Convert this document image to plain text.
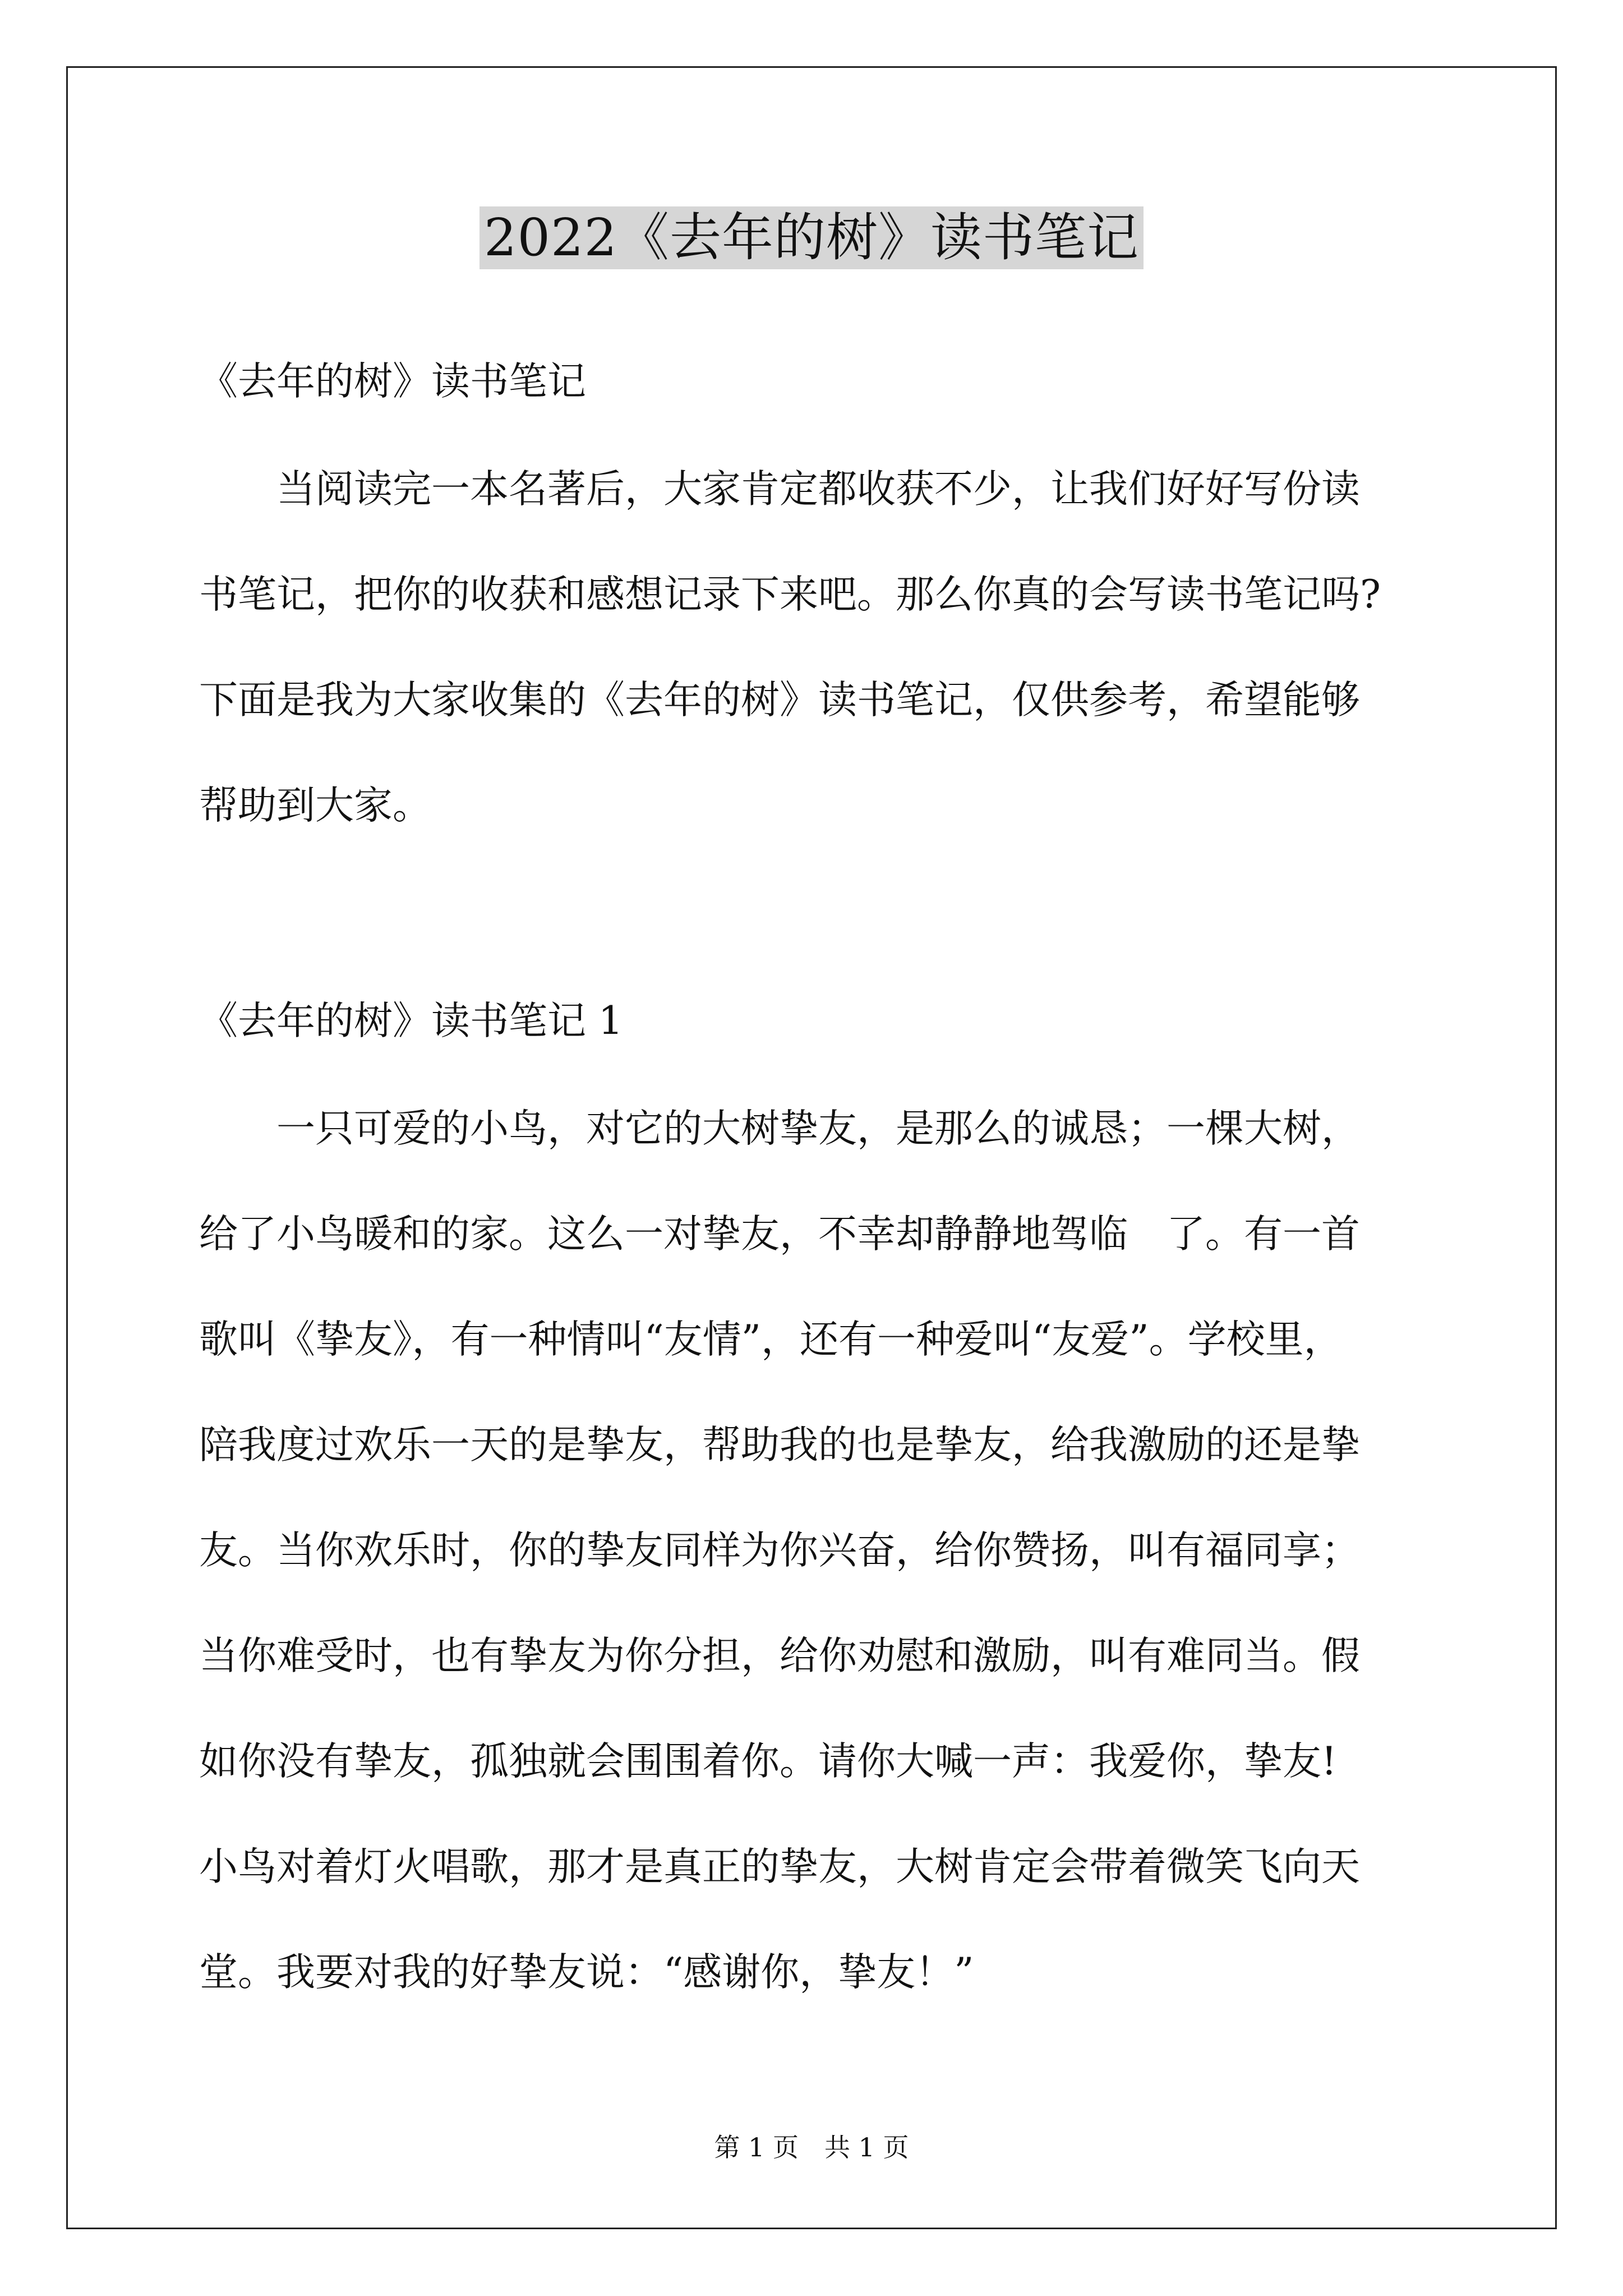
2022《去年的树》读书笔记
《去年的树》读书笔记
　　当阅读完一本名著后，大家肯定都收获不少，让我们好好写份读
书笔记，把你的收获和感想记录下来吧。那么你真的会写读书笔记吗?
下面是我为大家收集的《去年的树》读书笔记，仅供参考，希望能够
帮助到大家。
《去年的树》读书笔记 1
　　一只可爱的小鸟，对它的大树挚友，是那么的诚恳；一棵大树，
给了小鸟暖和的家。这么一对挚友，不幸却静静地驾临　了。有一首
歌叫《挚友》，有一种情叫“友情”，还有一种爱叫“友爱”。学校里，
陪我度过欢乐一天的是挚友，帮助我的也是挚友，给我激励的还是挚
友。当你欢乐时，你的挚友同样为你兴奋，给你赞扬，叫有福同享；
当你难受时，也有挚友为你分担，给你劝慰和激励，叫有难同当。假
如你没有挚友，孤独就会围围着你。请你大喊一声：我爱你，挚友!
小鸟对着灯火唱歌，那才是真正的挚友，大树肯定会带着微笑飞向天
堂。我要对我的好挚友说：“感谢你，挚友！”
第 1 页　共 1 页
